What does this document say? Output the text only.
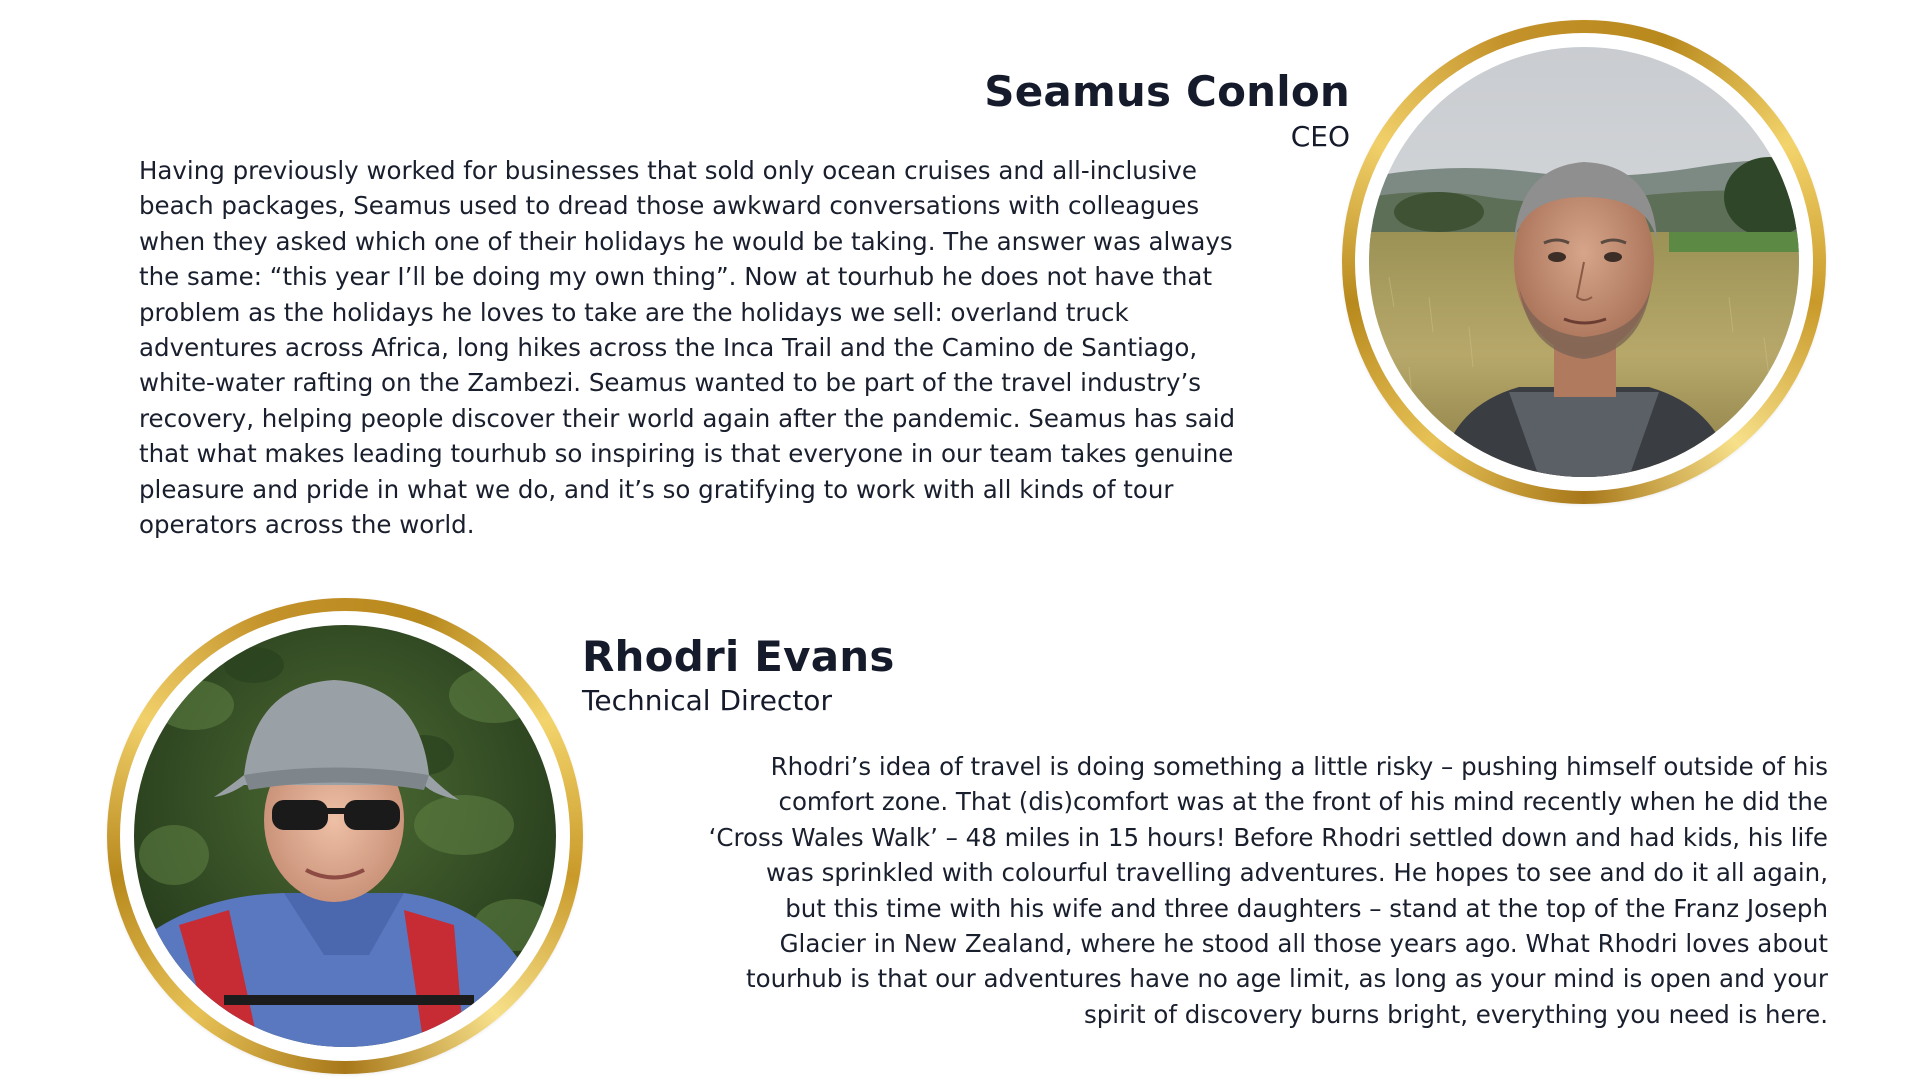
Seamus Conlon
CEO

Having previously worked for businesses that sold only ocean cruises and all-inclusive
beach packages, Seamus used to dread those awkward conversations with colleagues
when they asked which one of their holidays he would be taking. The answer was always
the same: “this year I’ll be doing my own thing”. Now at tourhub he does not have that
problem as the holidays he loves to take are the holidays we sell: overland truck
adventures across Africa, long hikes across the Inca Trail and the Camino de Santiago,
white-water rafting on the Zambezi. Seamus wanted to be part of the travel industry’s
recovery, helping people discover their world again after the pandemic. Seamus has said
that what makes leading tourhub so inspiring is that everyone in our team takes genuine
pleasure and pride in what we do, and it’s so gratifying to work with all kinds of tour
operators across the world.

Rhodri Evans
Technical Director

Rhodri’s idea of travel is doing something a little risky – pushing himself outside of his
comfort zone. That (dis)comfort was at the front of his mind recently when he did the
‘Cross Wales Walk’ – 48 miles in 15 hours! Before Rhodri settled down and had kids, his life
was sprinkled with colourful travelling adventures. He hopes to see and do it all again,
but this time with his wife and three daughters – stand at the top of the Franz Joseph
Glacier in New Zealand, where he stood all those years ago. What Rhodri loves about
tourhub is that our adventures have no age limit, as long as your mind is open and your
spirit of discovery burns bright, everything you need is here.
